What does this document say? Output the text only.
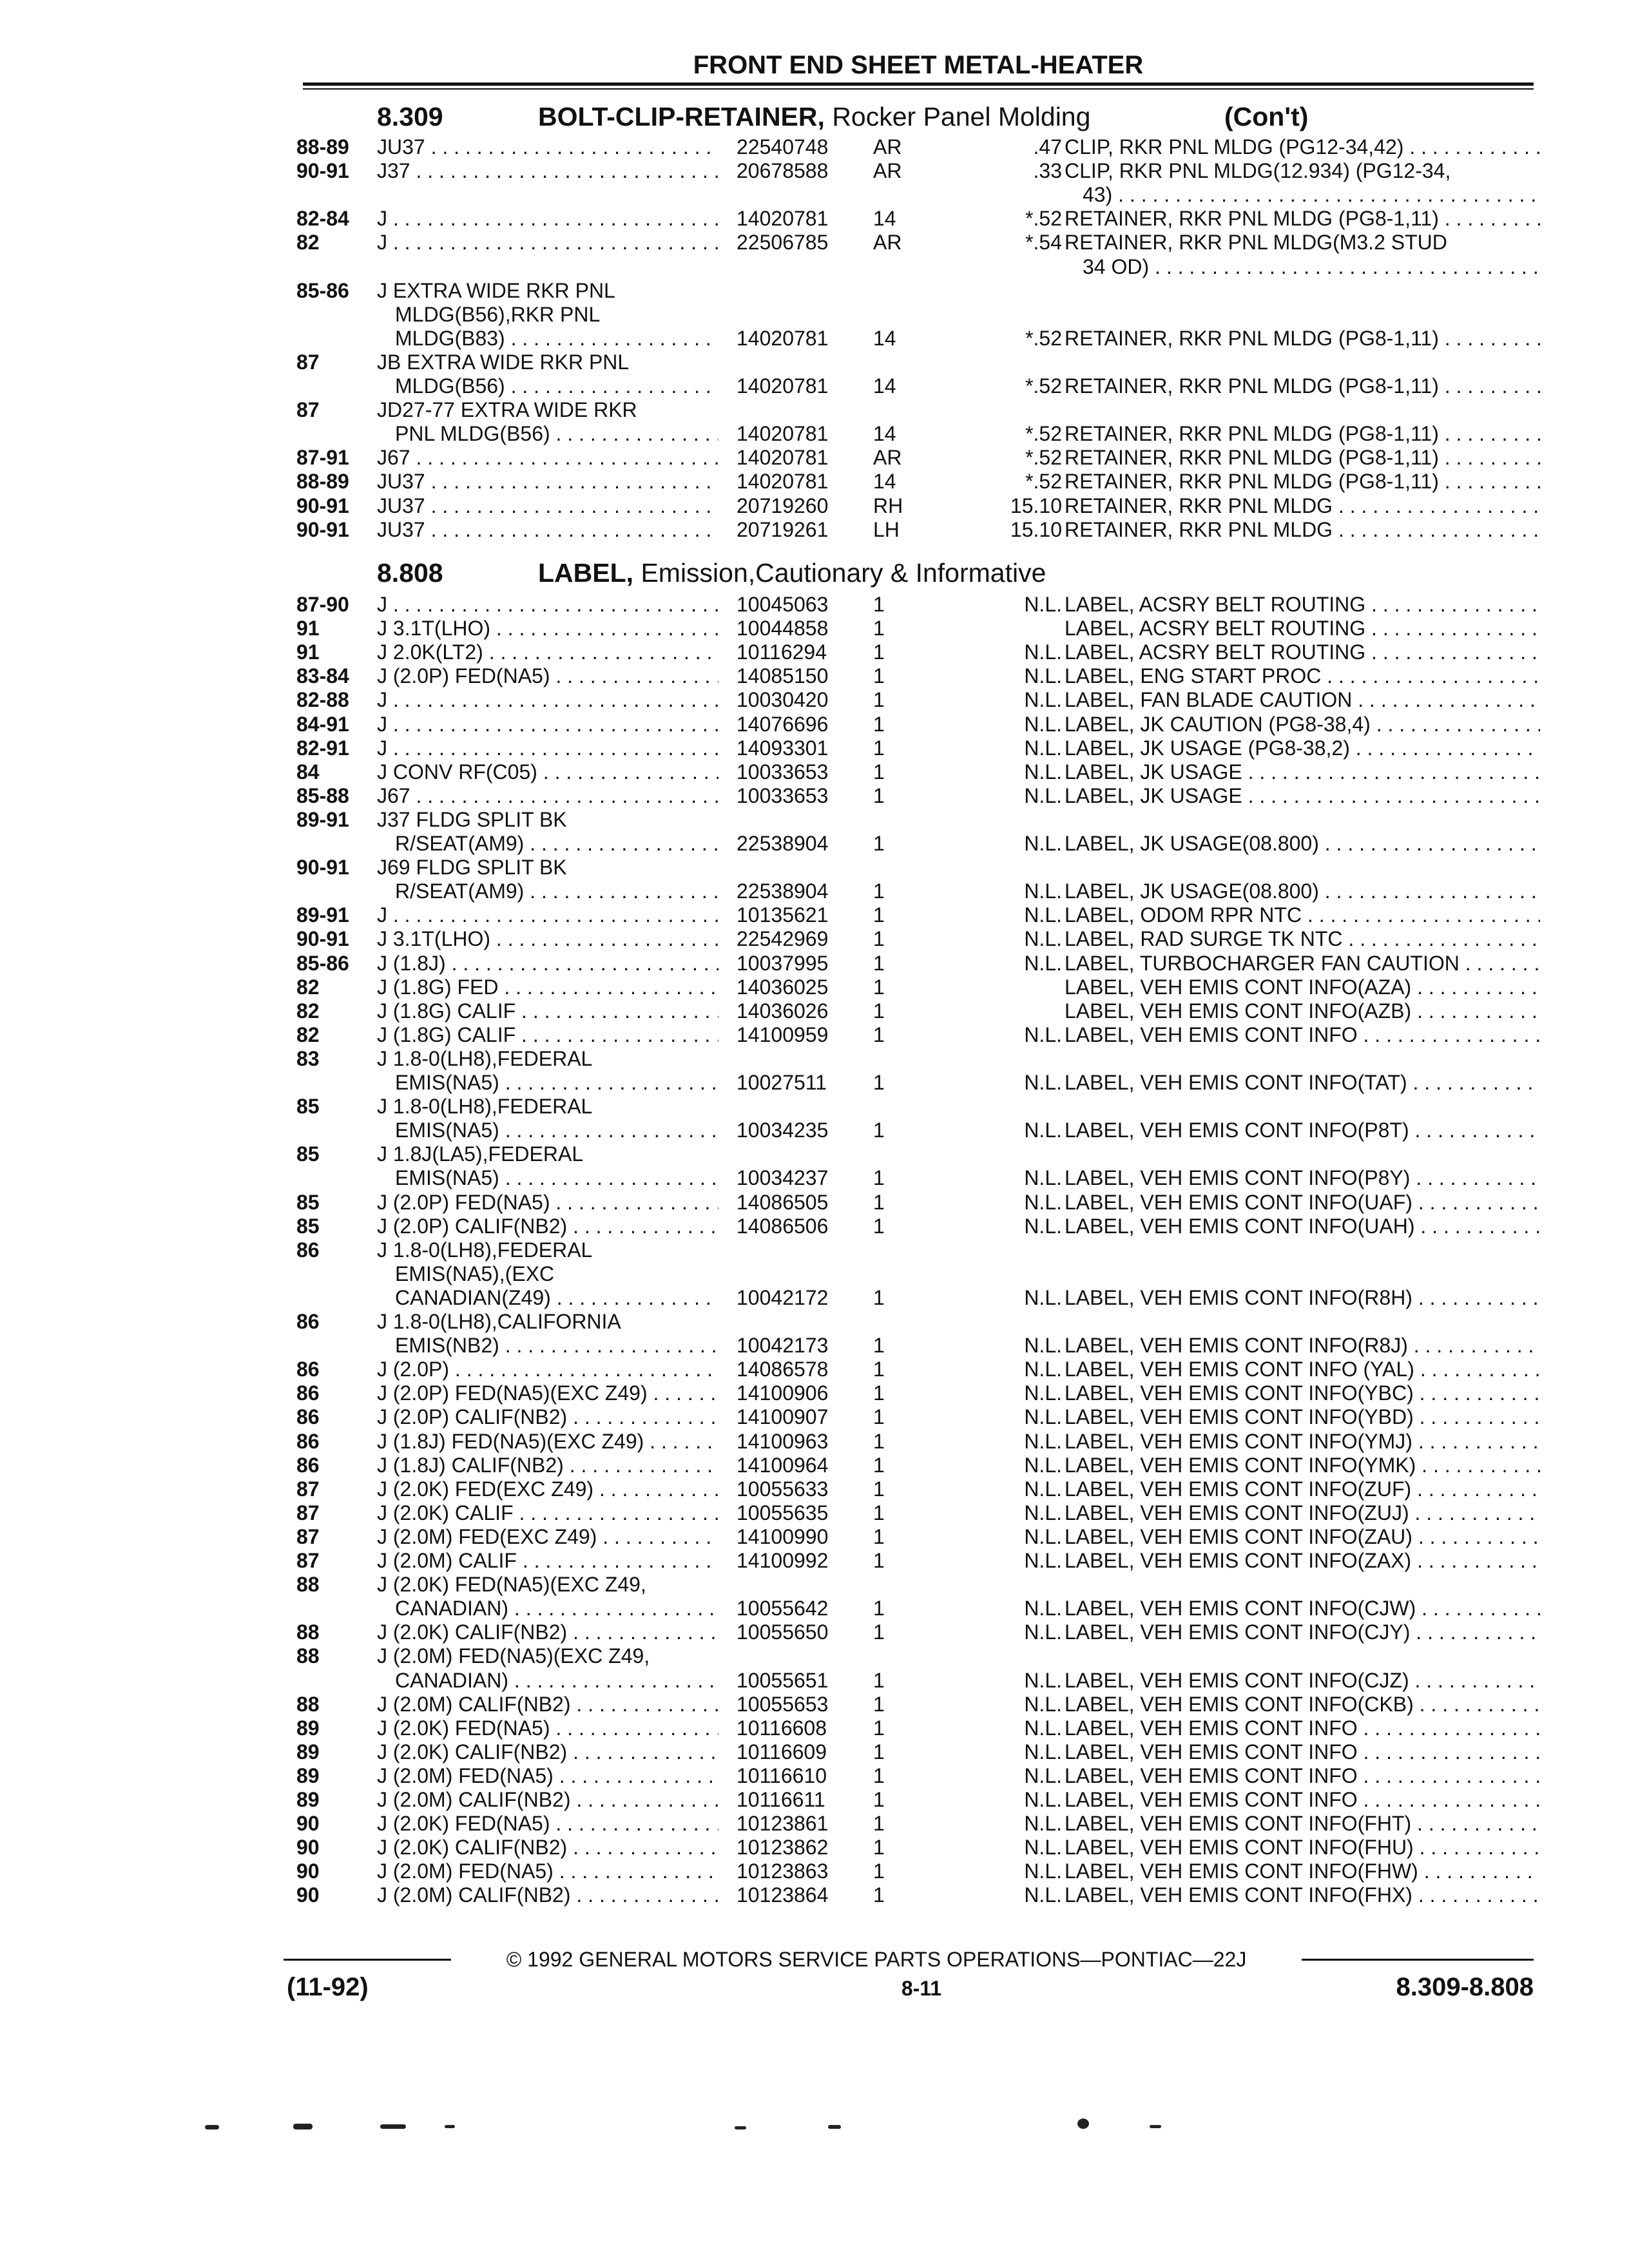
FRONT END SHEET METAL-HEATER
8.309	BOLT-CLIP-RETAINER, Rocker Panel Molding	(Con't)
88-89 JU37 . . .	22540748 AR	.47 CLIP, RKR PNL MLDG (PG12-34,42) . . .
90-91 J37 . . .	20678588 AR	.33 CLIP, RKR PNL MLDG(12.934) (PG12-34,
43) . . .
82-84 J . . .	14020781 14	*.52 RETAINER, RKR PNL MLDG (PG8-1,11) . . .
82	J . . .	22506785 AR	*.54 RETAINER, RKR PNL MLDG(M3.2 STUD
34 OD) . . .
85-86 J EXTRA WIDE RKR PNL
MLDG(B56),RKR PNL
MLDG(B83) . . .	14020781 14	*.52 RETAINER, RKR PNL MLDG (PG8-1,11) . . .
87	JB EXTRA WIDE RKR PNL
MLDG(B56) . . .	14020781 14	*.52 RETAINER, RKR PNL MLDG (PG8-1,11) . . .
87	JD27-77 EXTRA WIDE RKR
PNL MLDG(B56) . . .	14020781 14	*.52 RETAINER, RKR PNL MLDG (PG8-1,11) . . .
87-91 J67 . . .	14020781 AR	*.52 RETAINER, RKR PNL MLDG (PG8-1,11) . . .
88-89 JU37 . . .	14020781 14	*.52 RETAINER, RKR PNL MLDG (PG8-1,11) . . .
90-91 JU37 . . .	20719260 RH	15.10 RETAINER, RKR PNL MLDG . . .
90-91 JU37 . . .	20719261 LH	15.10 RETAINER, RKR PNL MLDG . . .
8.808	LABEL, Emission,Cautionary & Informative
87-90 J . . .	10045063 1	N.L. LABEL, ACSRY BELT ROUTING . . .
91	J 3.1T(LHO) . . .	10044858 1	LABEL, ACSRY BELT ROUTING . . .
91	J 2.0K(LT2) . . .	10116294 1	N.L. LABEL, ACSRY BELT ROUTING . . .
83-84 J (2.0P) FED(NA5) . . .	14085150 1	N.L. LABEL, ENG START PROC . . .
82-88 J . . .	10030420 1	N.L. LABEL, FAN BLADE CAUTION . . .
84-91 J . . .	14076696 1	N.L. LABEL, JK CAUTION (PG8-38,4) . . .
82-91 J . . .	14093301 1	N.L. LABEL, JK USAGE (PG8-38,2) . . .
84	J CONV RF(C05) . . .	10033653 1	N.L. LABEL, JK USAGE . . .
85-88 J67 . . .	10033653 1	N.L. LABEL, JK USAGE . . .
89-91 J37 FLDG SPLIT BK
R/SEAT(AM9) . . .	22538904 1	N.L. LABEL, JK USAGE(08.800) . . .
90-91 J69 FLDG SPLIT BK
R/SEAT(AM9) . . .	22538904 1	N.L. LABEL, JK USAGE(08.800) . . .
89-91 J . . .	10135621 1	N.L. LABEL, ODOM RPR NTC . . .
90-91 J 3.1T(LHO) . . .	22542969 1	N.L. LABEL, RAD SURGE TK NTC . . .
85-86 J (1.8J) . . .	10037995 1	N.L. LABEL, TURBOCHARGER FAN CAUTION . . .
82	J (1.8G) FED . . .	14036025 1	LABEL, VEH EMIS CONT INFO(AZA) . . .
82	J (1.8G) CALIF . . .	14036026 1	LABEL, VEH EMIS CONT INFO(AZB) . . .
82	J (1.8G) CALIF . . .	14100959 1	N.L. LABEL, VEH EMIS CONT INFO . . .
83	J 1.8-0(LH8),FEDERAL
EMIS(NA5) . . .	10027511 1	N.L. LABEL, VEH EMIS CONT INFO(TAT) . . .
85	J 1.8-0(LH8),FEDERAL
EMIS(NA5) . . .	10034235 1	N.L. LABEL, VEH EMIS CONT INFO(P8T) . . .
85	J 1.8J(LA5),FEDERAL
EMIS(NA5) . . .	10034237 1	N.L. LABEL, VEH EMIS CONT INFO(P8Y) . . .
85	J (2.0P) FED(NA5) . . .	14086505 1	N.L. LABEL, VEH EMIS CONT INFO(UAF) . . .
85	J (2.0P) CALIF(NB2) . . .	14086506 1	N.L. LABEL, VEH EMIS CONT INFO(UAH) . . .
86	J 1.8-0(LH8),FEDERAL
EMIS(NA5),(EXC
CANADIAN(Z49) . . .	10042172 1	N.L. LABEL, VEH EMIS CONT INFO(R8H) . . .
86	J 1.8-0(LH8),CALIFORNIA
EMIS(NB2) . . .	10042173 1	N.L. LABEL, VEH EMIS CONT INFO(R8J) . . .
86	J (2.0P) . . .	14086578 1	N.L. LABEL, VEH EMIS CONT INFO (YAL) . . .
86	J (2.0P) FED(NA5)(EXC Z49) . . .	14100906 1	N.L. LABEL, VEH EMIS CONT INFO(YBC) . . .
86	J (2.0P) CALIF(NB2) . . .	14100907 1	N.L. LABEL, VEH EMIS CONT INFO(YBD) . . .
86	J (1.8J) FED(NA5)(EXC Z49) . . .	14100963 1	N.L. LABEL, VEH EMIS CONT INFO(YMJ) . . .
86	J (1.8J) CALIF(NB2) . . .	14100964 1	N.L. LABEL, VEH EMIS CONT INFO(YMK) . . .
87	J (2.0K) FED(EXC Z49) . . .	10055633 1	N.L. LABEL, VEH EMIS CONT INFO(ZUF) . . .
87	J (2.0K) CALIF . . .	10055635 1	N.L. LABEL, VEH EMIS CONT INFO(ZUJ) . . .
87	J (2.0M) FED(EXC Z49) . . .	14100990 1	N.L. LABEL, VEH EMIS CONT INFO(ZAU) . . .
87	J (2.0M) CALIF . . .	14100992 1	N.L. LABEL, VEH EMIS CONT INFO(ZAX) . . .
88	J (2.0K) FED(NA5)(EXC Z49,
CANADIAN) . . .	10055642 1	N.L. LABEL, VEH EMIS CONT INFO(CJW) . . .
88	J (2.0K) CALIF(NB2) . . .	10055650 1	N.L. LABEL, VEH EMIS CONT INFO(CJY) . . .
88	J (2.0M) FED(NA5)(EXC Z49,
CANADIAN) . . .	10055651 1	N.L. LABEL, VEH EMIS CONT INFO(CJZ) . . .
88	J (2.0M) CALIF(NB2) . . .	10055653 1	N.L. LABEL, VEH EMIS CONT INFO(CKB) . . .
89	J (2.0K) FED(NA5) . . .	10116608 1	N.L. LABEL, VEH EMIS CONT INFO . . .
89	J (2.0K) CALIF(NB2) . . .	10116609 1	N.L. LABEL, VEH EMIS CONT INFO . . .
89	J (2.0M) FED(NA5) . . .	10116610 1	N.L. LABEL, VEH EMIS CONT INFO . . .
89	J (2.0M) CALIF(NB2) . . .	10116611 1	N.L. LABEL, VEH EMIS CONT INFO . . .
90	J (2.0K) FED(NA5) . . .	10123861 1	N.L. LABEL, VEH EMIS CONT INFO(FHT) . . .
90	J (2.0K) CALIF(NB2) . . .	10123862 1	N.L. LABEL, VEH EMIS CONT INFO(FHU) . . .
90	J (2.0M) FED(NA5) . . .	10123863 1	N.L. LABEL, VEH EMIS CONT INFO(FHW) . . .
90	J (2.0M) CALIF(NB2) . . .	10123864 1	N.L. LABEL, VEH EMIS CONT INFO(FHX) . . .
© 1992 GENERAL MOTORS SERVICE PARTS OPERATIONS—PONTIAC—22J
(11-92)	8-11	8.309-8.808
